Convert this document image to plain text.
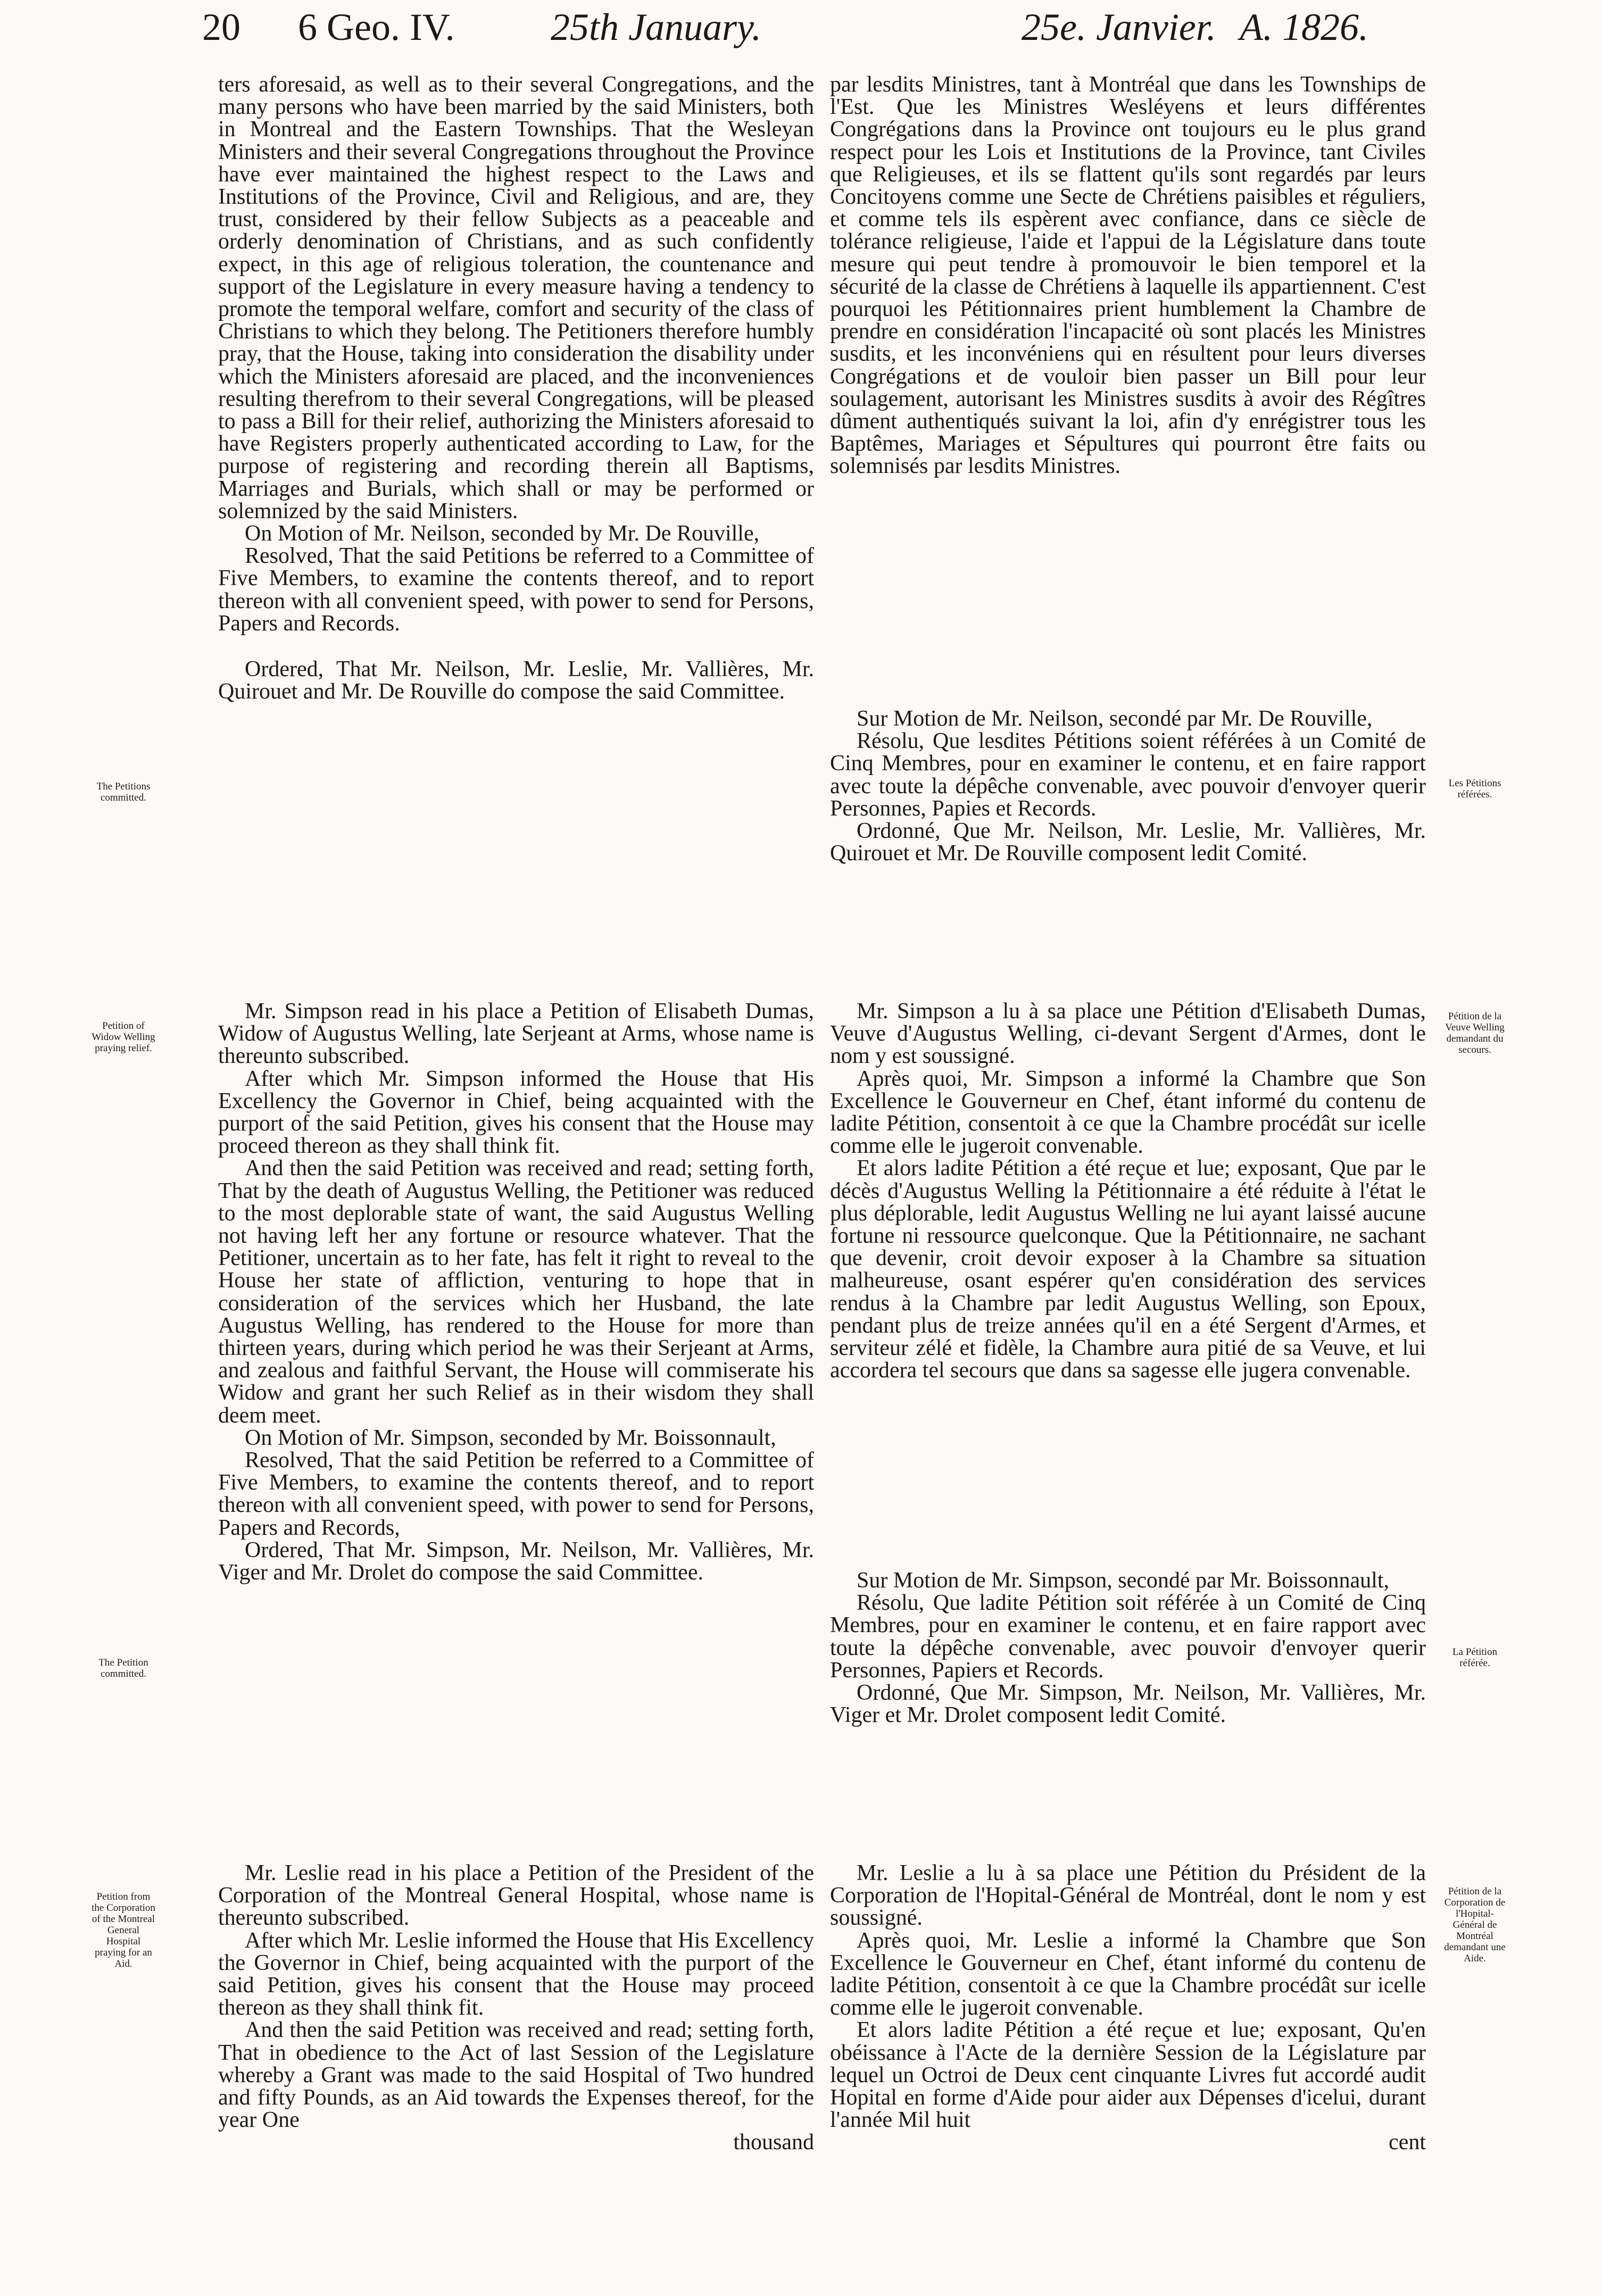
20 6 Geo. IV.	25th January.	25e. Janvier. A. 1826.

ters aforesaid, as well as to their several Congregations, and the many persons who have been married by the said Ministers, both in Montreal and the Eastern Townships. That the Wesleyan Ministers and their several Congregations throughout the Province have ever maintained the highest respect to the Laws and Institutions of the Province, Civil and Religious, and are, they trust, considered by their fellow Subjects as a peaceable and orderly denomination of Christians, and as such confidently expect, in this age of religious toleration, the countenance and support of the Legislature in every measure having a tendency to promote the temporal welfare, comfort and security of the class of Christians to which they belong. The Petitioners therefore humbly pray, that the House, taking into consideration the disability under which the Ministers aforesaid are placed, and the inconveniences resulting therefrom to their several Congregations, will be pleased to pass a Bill for their relief, authorizing the Ministers aforesaid to have Registers properly authenticated according to Law, for the purpose of registering and recording therein all Baptisms, Marriages and Burials, which shall or may be performed or solemnized by the said Ministers.

On Motion of Mr. Neilson, seconded by Mr. De Rouville,

Resolved, That the said Petitions be referred to a Committee of Five Members, to examine the contents thereof, and to report thereon with all convenient speed, with power to send for Persons, Papers and Records.

Ordered, That Mr. Neilson, Mr. Leslie, Mr. Vallières, Mr. Quirouet and Mr. De Rouville do compose the said Committee.

Mr. Simpson read in his place a Petition of Elisabeth Dumas, Widow of Augustus Welling, late Serjeant at Arms, whose name is thereunto subscribed.

After which Mr. Simpson informed the House that His Excellency the Governor in Chief, being acquainted with the purport of the said Petition, gives his consent that the House may proceed thereon as they shall think fit.

And then the said Petition was received and read; setting forth, That by the death of Augustus Welling, the Petitioner was reduced to the most deplorable state of want, the said Augustus Welling not having left her any fortune or resource whatever. That the Petitioner, uncertain as to her fate, has felt it right to reveal to the House her state of affliction, venturing to hope that in consideration of the services which her Husband, the late Augustus Welling, has rendered to the House for more than thirteen years, during which period he was their Serjeant at Arms, and zealous and faithful Servant, the House will commiserate his Widow and grant her such Relief as in their wisdom they shall deem meet.

On Motion of Mr. Simpson, seconded by Mr. Boissonnault,

Resolved, That the said Petition be referred to a Committee of Five Members, to examine the contents thereof, and to report thereon with all convenient speed, with power to send for Persons, Papers and Records,

Ordered, That Mr. Simpson, Mr. Neilson, Mr. Vallières, Mr. Viger and Mr. Drolet do compose the said Committee.

Mr. Leslie read in his place a Petition of the President of the Corporation of the Montreal General Hospital, whose name is thereunto subscribed.

After which Mr. Leslie informed the House that His Excellency the Governor in Chief, being acquainted with the purport of the said Petition, gives his consent that the House may proceed thereon as they shall think fit.

And then the said Petition was received and read; setting forth, That in obedience to the Act of last Session of the Legislature whereby a Grant was made to the said Hospital of Two hundred and fifty Pounds, as an Aid towards the Expenses thereof, for the year One

thousand

par lesdits Ministres, tant à Montréal que dans les Townships de l'Est. Que les Ministres Wesléyens et leurs différentes Congrégations dans la Province ont toujours eu le plus grand respect pour les Lois et Institutions de la Province, tant Civiles que Religieuses, et ils se flattent qu'ils sont regardés par leurs Concitoyens comme une Secte de Chrétiens paisibles et réguliers, et comme tels ils espèrent avec confiance, dans ce siècle de tolérance religieuse, l'aide et l'appui de la Législature dans toute mesure qui peut tendre à promouvoir le bien temporel et la sécurité de la classe de Chrétiens à laquelle ils appartiennent. C'est pourquoi les Pétitionnaires prient humblement la Chambre de prendre en considération l'incapacité où sont placés les Ministres susdits, et les inconvéniens qui en résultent pour leurs diverses Congrégations et de vouloir bien passer un Bill pour leur soulagement, autorisant les Ministres susdits à avoir des Régîtres dûment authentiqués suivant la loi, afin d'y enrégistrer tous les Baptêmes, Mariages et Sépultures qui pourront être faits ou solemnisés par lesdits Ministres.

Sur Motion de Mr. Neilson, secondé par Mr. De Rouville,

Résolu, Que lesdites Pétitions soient référées à un Comité de Cinq Membres, pour en examiner le contenu, et en faire rapport avec toute la dépêche convenable, avec pouvoir d'envoyer querir Personnes, Papies et Records.

Ordonné, Que Mr. Neilson, Mr. Leslie, Mr. Vallières, Mr. Quirouet et Mr. De Rouville composent ledit Comité.

Mr. Simpson a lu à sa place une Pétition d'Elisabeth Dumas, Veuve d'Augustus Welling, ci-devant Sergent d'Armes, dont le nom y est soussigné.

Après quoi, Mr. Simpson a informé la Chambre que Son Excellence le Gouverneur en Chef, étant informé du contenu de ladite Pétition, consentoit à ce que la Chambre procédât sur icelle comme elle le jugeroit convenable.

Et alors ladite Pétition a été reçue et lue; exposant, Que par le décès d'Augustus Welling la Pétitionnaire a été réduite à l'état le plus déplorable, ledit Augustus Welling ne lui ayant laissé aucune fortune ni ressource quelconque. Que la Pétitionnaire, ne sachant que devenir, croit devoir exposer à la Chambre sa situation malheureuse, osant espérer qu'en considération des services rendus à la Chambre par ledit Augustus Welling, son Epoux, pendant plus de treize années qu'il en a été Sergent d'Armes, et serviteur zélé et fidèle, la Chambre aura pitié de sa Veuve, et lui accordera tel secours que dans sa sagesse elle jugera convenable.

Sur Motion de Mr. Simpson, secondé par Mr. Boissonnault,

Résolu, Que ladite Pétition soit référée à un Comité de Cinq Membres, pour en examiner le contenu, et en faire rapport avec toute la dépêche convenable, avec pouvoir d'envoyer querir Personnes, Papiers et Records.

Ordonné, Que Mr. Simpson, Mr. Neilson, Mr. Vallières, Mr. Viger et Mr. Drolet composent ledit Comité.

Mr. Leslie a lu à sa place une Pétition du Président de la Corporation de l'Hopital-Général de Montréal, dont le nom y est soussigné.

Après quoi, Mr. Leslie a informé la Chambre que Son Excellence le Gouverneur en Chef, étant informé du contenu de ladite Pétition, consentoit à ce que la Chambre procédât sur icelle comme elle le jugeroit convenable.

Et alors ladite Pétition a été reçue et lue; exposant, Qu'en obéissance à l'Acte de la dernière Session de la Législature par lequel un Octroi de Deux cent cinquante Livres fut accordé audit Hopital en forme d'Aide pour aider aux Dépenses d'icelui, durant l'année Mil huit

cent

The Petitions committed.
Petition of Widow Welling praying relief.
The Petition committed.
Petition from the Corporation of the Montreal General Hospital praying for an Aid.
Les Pétitions référées.
Pétition de la Veuve Welling demandant du secours.
La Pétition référée.
Pétition de la Corporation de l'Hopital-Général de Montréal demandant une Aide.
